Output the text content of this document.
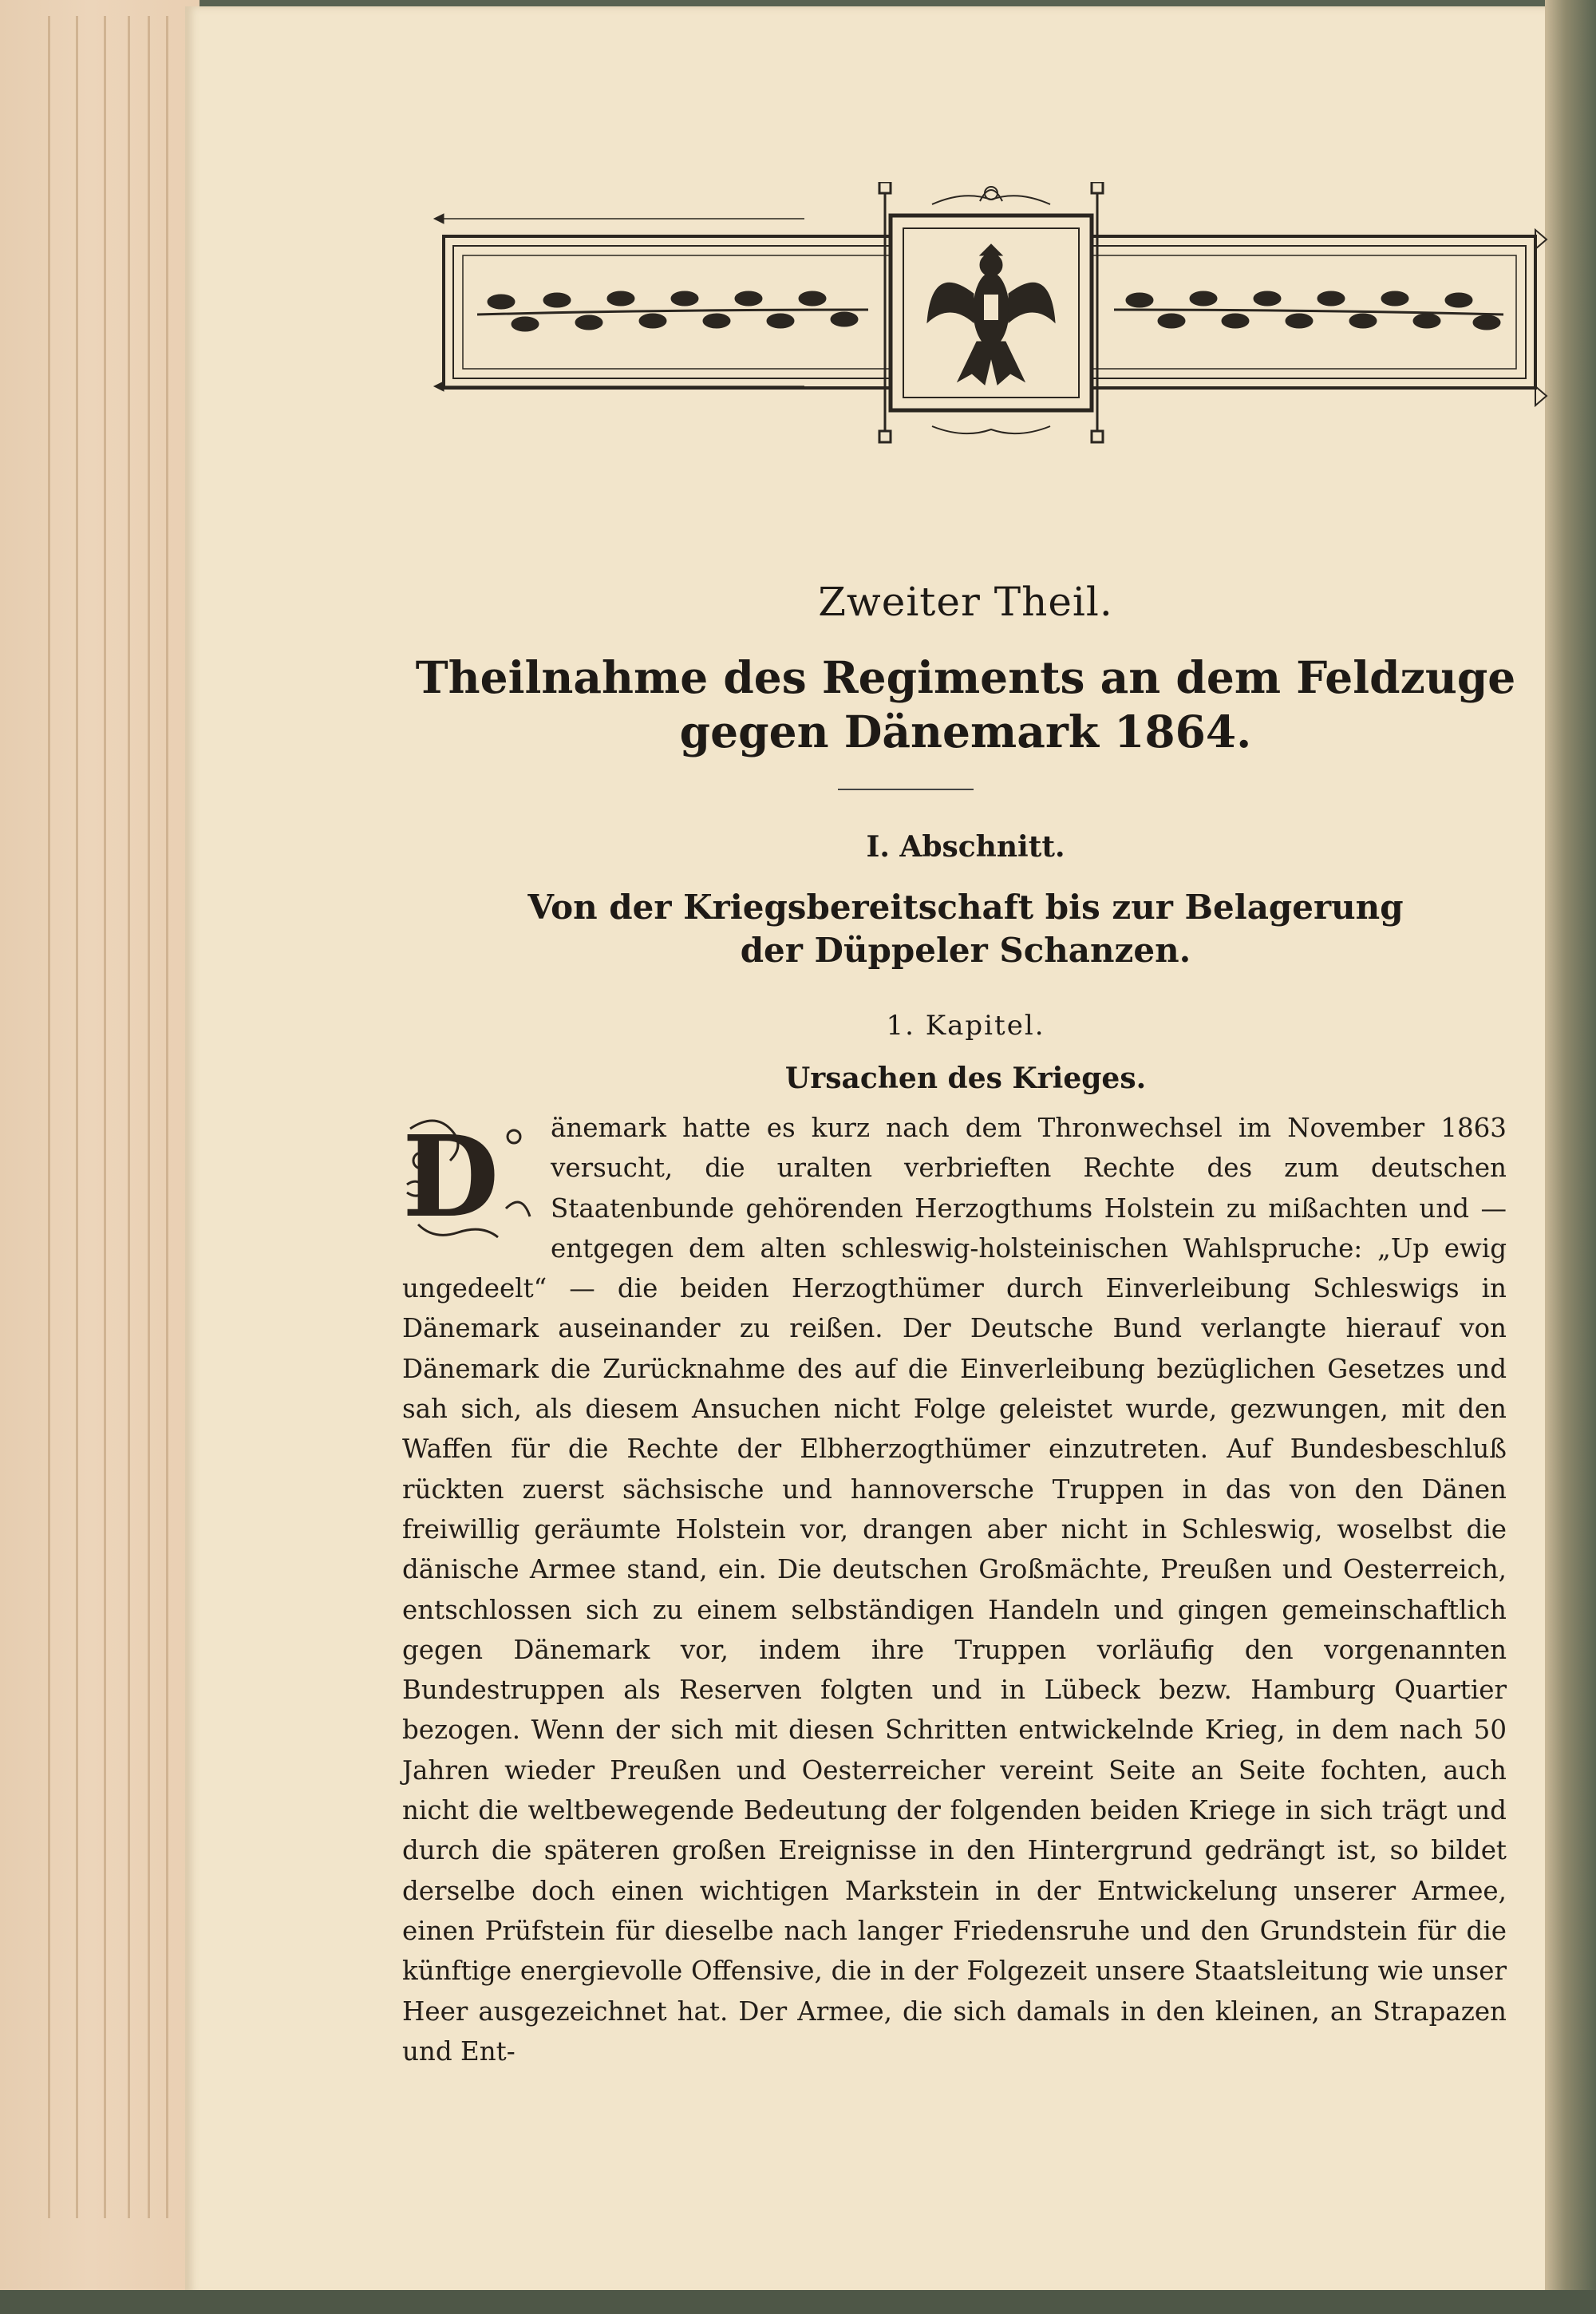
Zweiter Theil.
Theilnahme des Regiments an dem Feldzuge gegen Dänemark 1864.
I. Abschnitt.
Von der Kriegsbereitschaft bis zur Belagerung der Düppeler Schanzen.
1. Kapitel.
Ursachen des Krieges.
D	änemark hatte es kurz nach dem Thronwechsel im November 1863 versucht, die uralten verbrieften Rechte des zum deutschen Staatenbunde gehörenden Herzogthums Holstein zu mißachten und — entgegen dem alten schleswig-holsteinischen Wahlspruche: „Up ewig ungedeelt“ — die beiden Herzogthümer durch Einverleibung Schleswigs in Dänemark auseinander zu reißen. Der Deutsche Bund verlangte hierauf von Dänemark die Zurücknahme des auf die Einverleibung bezüglichen Gesetzes und sah sich, als diesem Ansuchen nicht Folge geleistet wurde, gezwungen, mit den Waffen für die Rechte der Elbherzogthümer einzutreten. Auf Bundesbeschluß rückten zuerst sächsische und hannoversche Truppen in das von den Dänen freiwillig geräumte Holstein vor, drangen aber nicht in Schleswig, woselbst die dänische Armee stand, ein. Die deutschen Großmächte, Preußen und Oesterreich, entschlossen sich zu einem selbständigen Handeln und gingen gemeinschaftlich gegen Dänemark vor, indem ihre Truppen vorläufig den vorgenannten Bundestruppen als Reserven folgten und in Lübeck bezw. Hamburg Quartier bezogen. Wenn der sich mit diesen Schritten entwickelnde Krieg, in dem nach 50 Jahren wieder Preußen und Oesterreicher vereint Seite an Seite fochten, auch nicht die weltbewegende Bedeutung der folgenden beiden Kriege in sich trägt und durch die späteren großen Ereignisse in den Hintergrund gedrängt ist, so bildet derselbe doch einen wichtigen Markstein in der Entwickelung unserer Armee, einen Prüfstein für dieselbe nach langer Friedensruhe und den Grundstein für die künftige energievolle Offensive, die in der Folgezeit unsere Staatsleitung wie unser Heer ausgezeichnet hat. Der Armee, die sich damals in den kleinen, an Strapazen und Ent-
